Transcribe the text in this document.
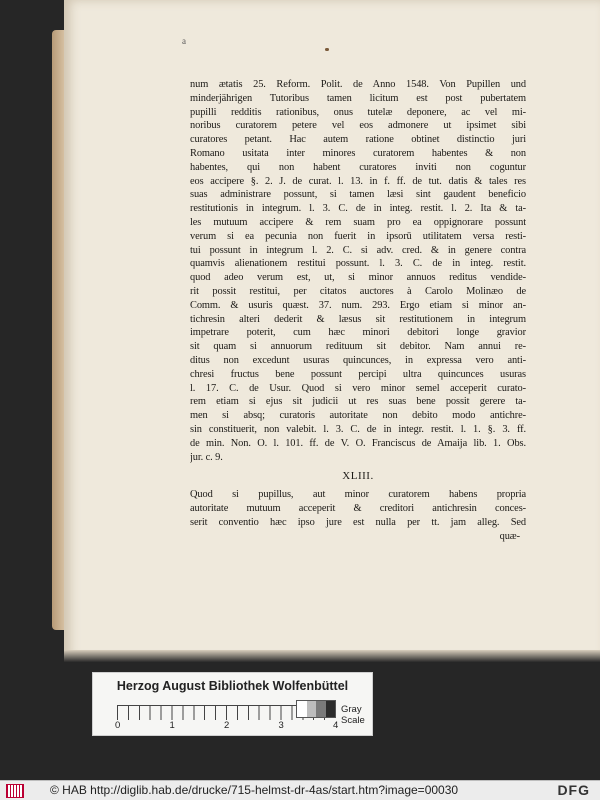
a
num ætatis 25. Reform. Polit. de Anno 1548. Von Pupillen und
minderjährigen Tutoribus tamen licitum est post pubertatem
pupilli redditis rationibus, onus tutelæ deponere, ac vel mi-
noribus curatorem petere vel eos admonere ut ipsimet sibi
curatores petant. Hac autem ratione obtinet distinctio juri
Romano usitata inter minores curatorem habentes & non
habentes, qui non habent curatores inviti non coguntur
eos accipere §. 2. J. de curat. l. 13. in f. ff. de tut. datis & tales res
suas administrare possunt, si tamen læsi sint gaudent beneficio
restitutionis in integrum. l. 3. C. de in integ. restit. l. 2. Ita & ta-
les mutuum accipere & rem suam pro ea oppignorare possunt
verum si ea pecunia non fuerit in ipsorū utilitatem versa resti-
tui possunt in integrum l. 2. C. si adv. cred. & in genere contra
quamvis alienationem restitui possunt. l. 3. C. de in integ. restit.
quod adeo verum est, ut, si minor annuos reditus vendide-
rit possit restitui, per citatos auctores à Carolo Molinæo de
Comm. & usuris quæst. 37. num. 293. Ergo etiam si minor an-
tichresin alteri dederit & læsus sit restitutionem in integrum
impetrare poterit, cum hæc minori debitori longe gravior
sit quam si annuorum redituum sit debitor. Nam annui re-
ditus non excedunt usuras quincunces, in expressa vero anti-
chresi fructus bene possunt percipi ultra quincunces usuras
l. 17. C. de Usur. Quod si vero minor semel acceperit curato-
rem etiam si ejus sit judicii ut res suas bene possit gerere ta-
men si absq; curatoris autoritate non debito modo antichre-
sin constituerit, non valebit. l. 3. C. de in integr. restit. l. 1. §. 3. ff.
de min. Non. O. l. 101. ff. de V. O. Franciscus de Amaija lib. 1. Obs.
jur. c. 9.
XLIII.
Quod si pupillus, aut minor curatorem habens propria
autoritate mutuum acceperit & creditori antichresin conces-
serit conventio hæc ipso jure est nulla per tt. jam alleg. Sed
quæ-
Herzog August Bibliothek Wolfenbüttel
0	1	2	3	4
Gray Scale
© HAB http://diglib.hab.de/drucke/715-helmst-dr-4as/start.htm?image=00030	DFG
